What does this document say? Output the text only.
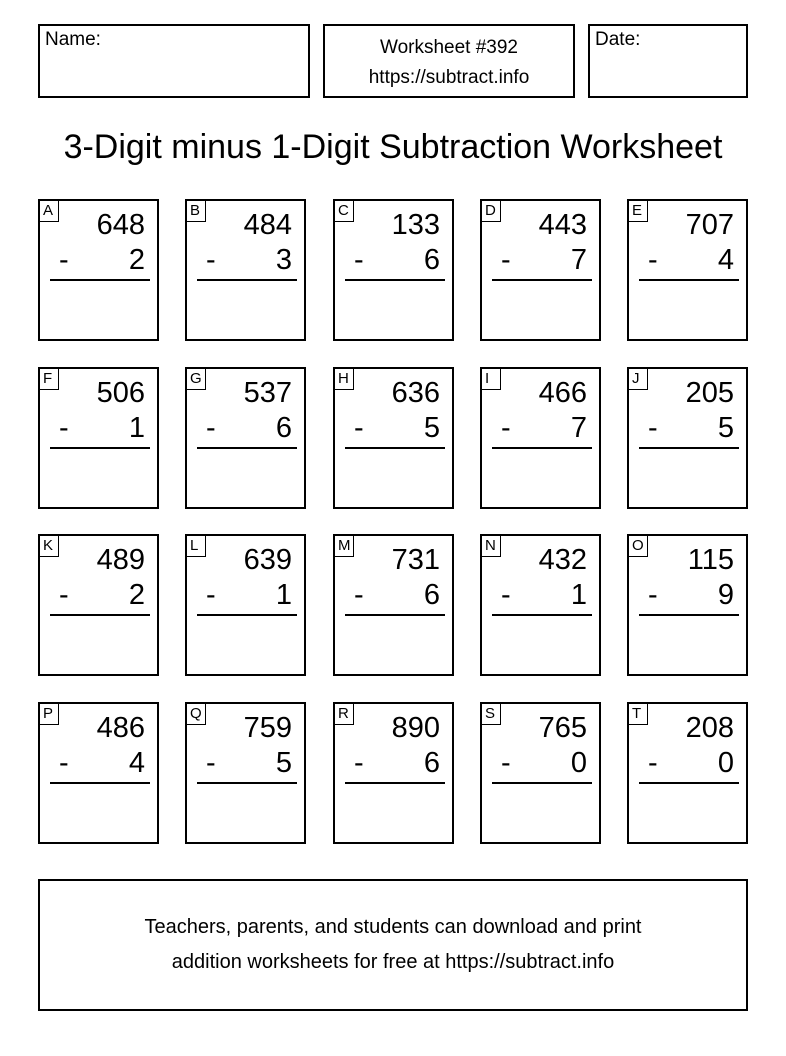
Name:	Worksheet #392
https://subtract.info
Date:
3-Digit minus 1-Digit Subtraction Worksheet
A 648
- 2
B 484
- 3
C 133
- 6
D 443
- 7
E 707
- 4
F 506
- 1
G 537
- 6
H 636
- 5
I	466
- 7
J 205
- 5
K 489
- 2
L 639
- 1
M 731
- 6
N 432
- 1
O 115
- 9
P 486
- 4
Q 759
- 5
R 890
- 6
S 765
- 0
T 208
- 0
Teachers, parents, and students can download and print
addition worksheets for free at https://subtract.info
